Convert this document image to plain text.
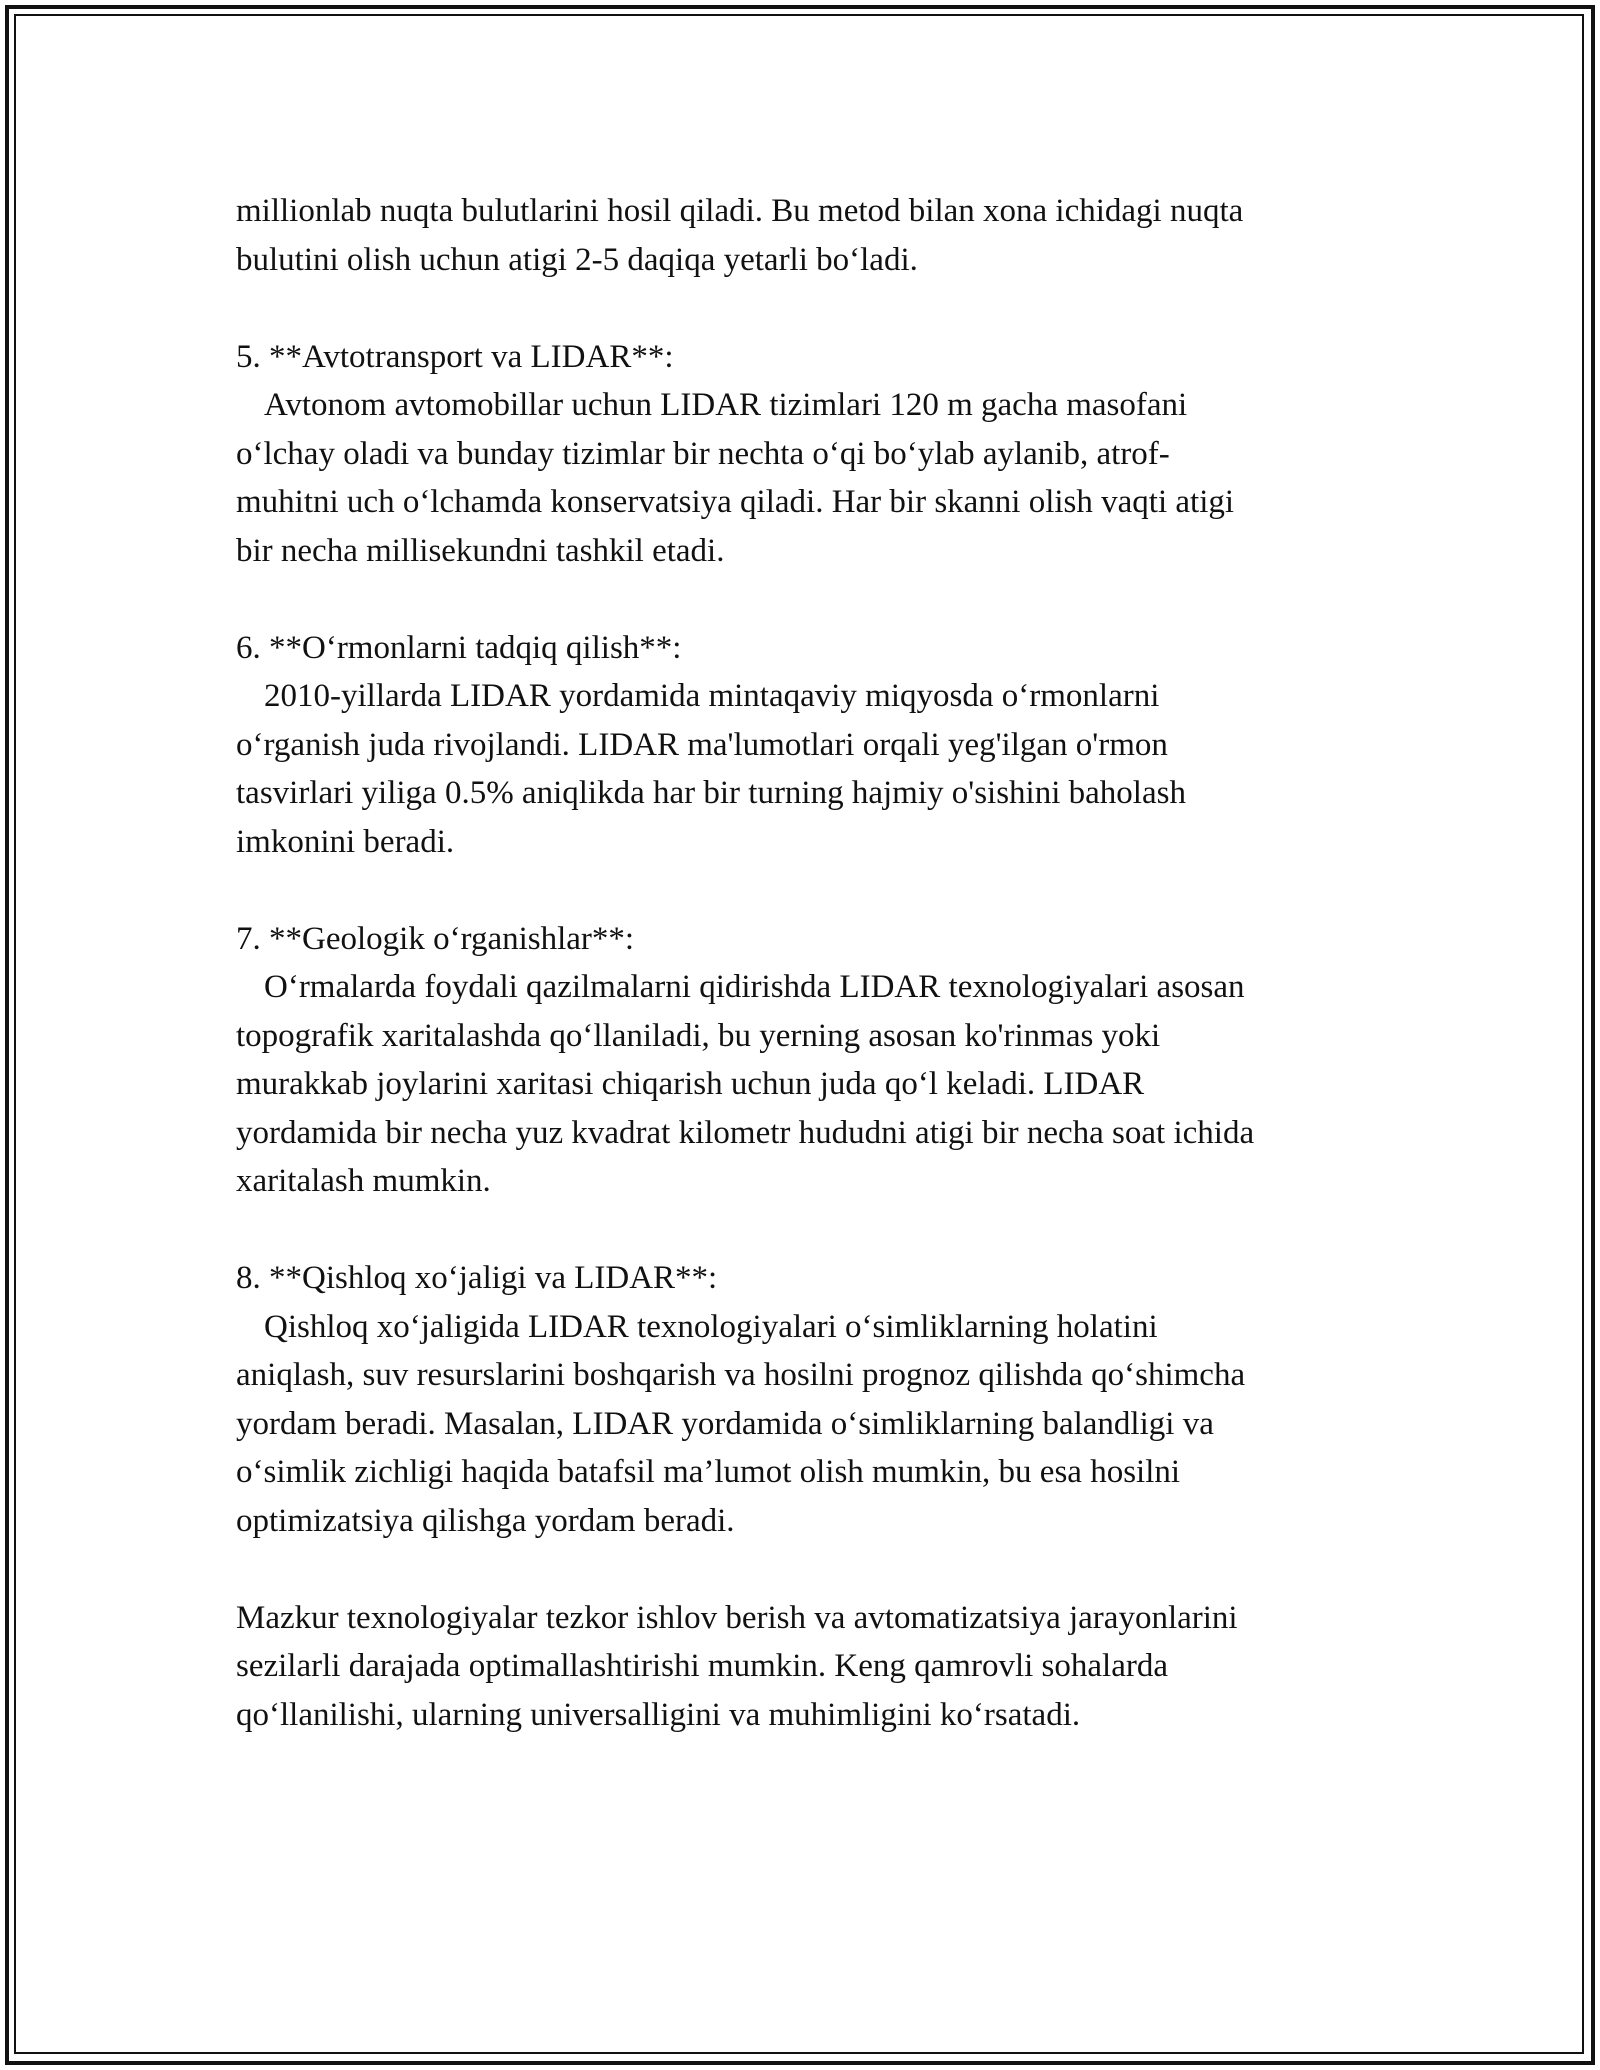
millionlab nuqta bulutlarini hosil qiladi. Bu metod bilan xona ichidagi nuqta
bulutini olish uchun atigi 2-5 daqiqa yetarli bo‘ladi.
5. **Avtotransport va LIDAR**:
Avtonom avtomobillar uchun LIDAR tizimlari 120 m gacha masofani
o‘lchay oladi va bunday tizimlar bir nechta o‘qi bo‘ylab aylanib, atrof-
muhitni uch o‘lchamda konservatsiya qiladi. Har bir skanni olish vaqti atigi
bir necha millisekundni tashkil etadi.
6. **O‘rmonlarni tadqiq qilish**:
2010-yillarda LIDAR yordamida mintaqaviy miqyosda o‘rmonlarni
o‘rganish juda rivojlandi. LIDAR ma'lumotlari orqali yeg'ilgan o'rmon
tasvirlari yiliga 0.5% aniqlikda har bir turning hajmiy o'sishini baholash
imkonini beradi.
7. **Geologik o‘rganishlar**:
O‘rmalarda foydali qazilmalarni qidirishda LIDAR texnologiyalari asosan
topografik xaritalashda qo‘llaniladi, bu yerning asosan ko'rinmas yoki
murakkab joylarini xaritasi chiqarish uchun juda qo‘l keladi. LIDAR
yordamida bir necha yuz kvadrat kilometr hududni atigi bir necha soat ichida
xaritalash mumkin.
8. **Qishloq xo‘jaligi va LIDAR**:
Qishloq xo‘jaligida LIDAR texnologiyalari o‘simliklarning holatini
aniqlash, suv resurslarini boshqarish va hosilni prognoz qilishda qo‘shimcha
yordam beradi. Masalan, LIDAR yordamida o‘simliklarning balandligi va
o‘simlik zichligi haqida batafsil ma’lumot olish mumkin, bu esa hosilni
optimizatsiya qilishga yordam beradi.
Mazkur texnologiyalar tezkor ishlov berish va avtomatizatsiya jarayonlarini
sezilarli darajada optimallashtirishi mumkin. Keng qamrovli sohalarda
qo‘llanilishi, ularning universalligini va muhimligini ko‘rsatadi.
